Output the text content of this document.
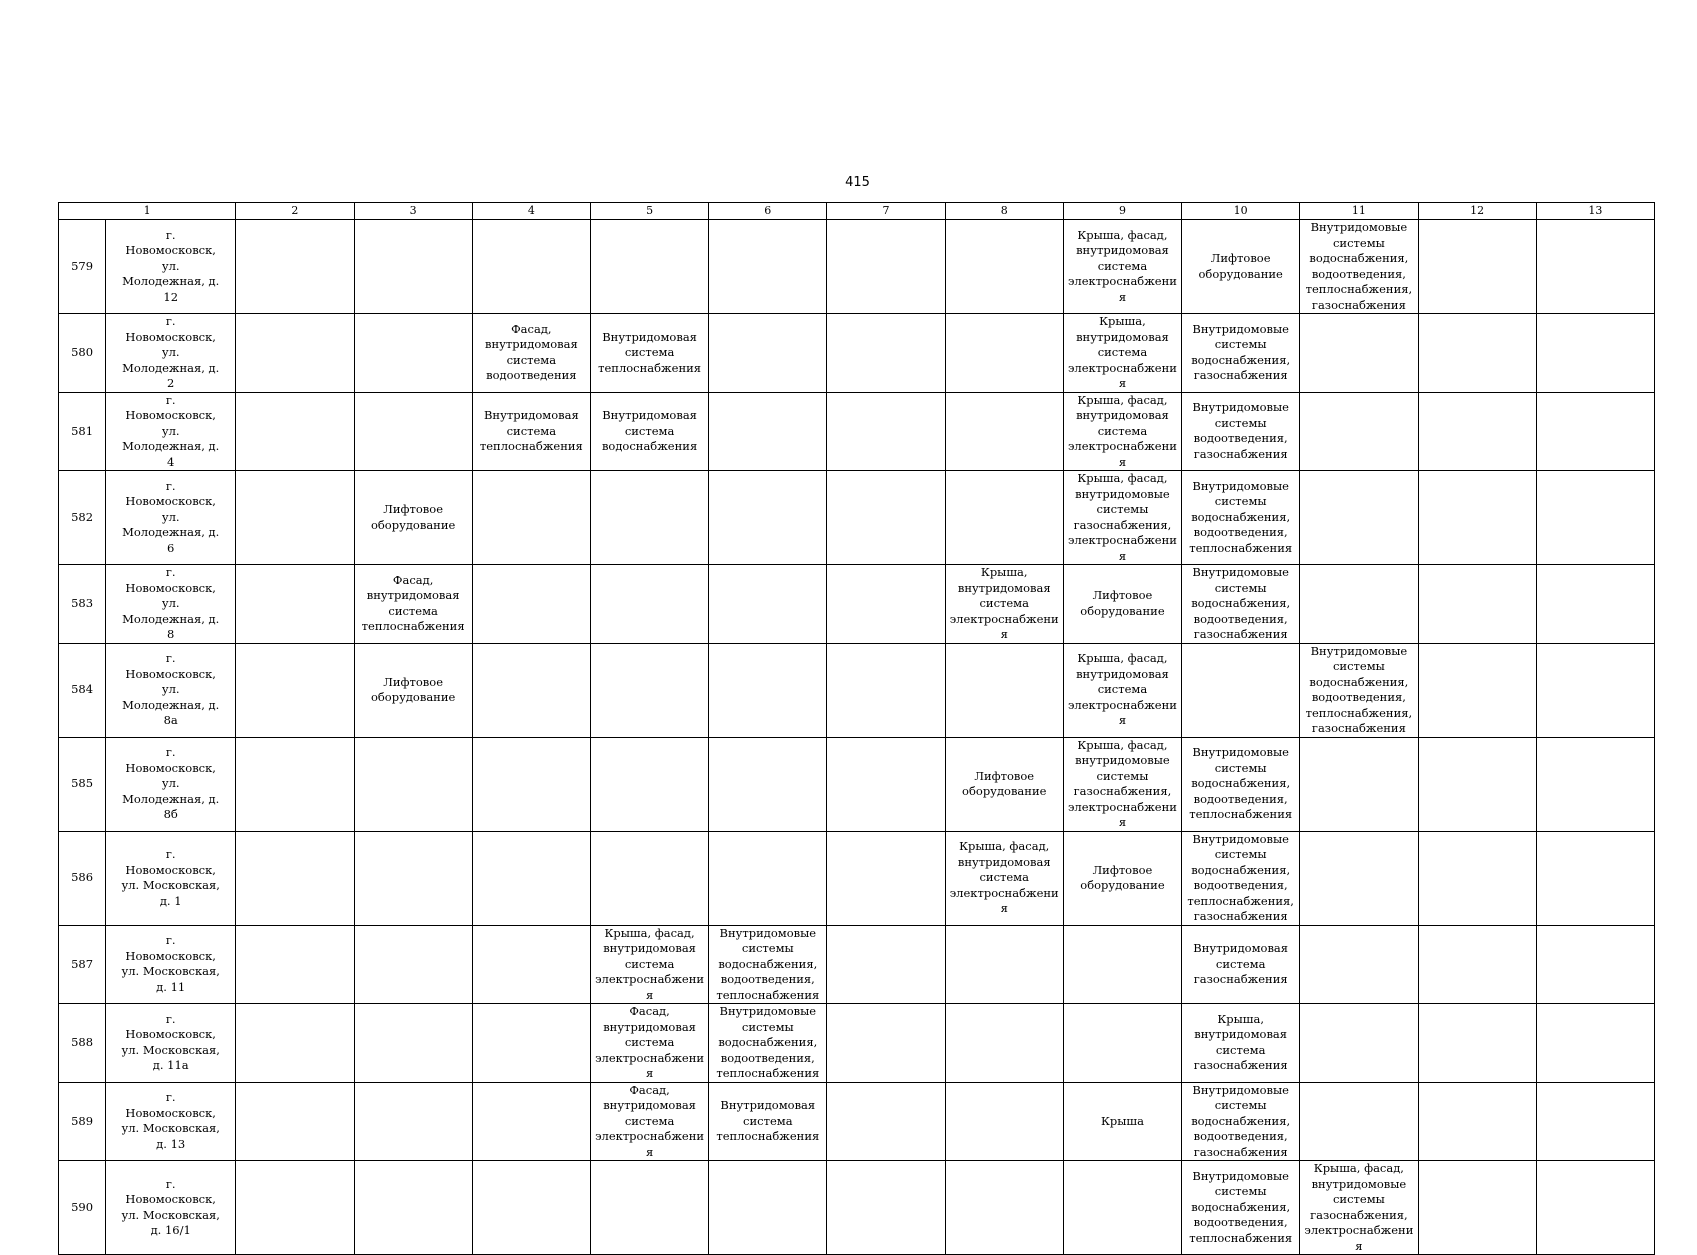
415
1		2	3	4	5	6	7	8	9	10	11	12	13
579	г. Новомосковск, ул. Молодежная, д. 12								Крыша, фасад, внутридомовая система электроснабжения	Лифтовое оборудование	Внутридомовые системы водоснабжения, водоотведения, теплоснабжения, газоснабжения		
580	г. Новомосковск, ул. Молодежная, д. 2			Фасад, внутридомовая система водоотведения	Внутридомовая система теплоснабжения				Крыша, внутридомовая система электроснабжения	Внутридомовые системы водоснабжения, газоснабжения			
581	г. Новомосковск, ул. Молодежная, д. 4			Внутридомовая система теплоснабжения	Внутридомовая система водоснабжения				Крыша, фасад, внутридомовая система электроснабжения	Внутридомовые системы водоотведения, газоснабжения			
582	г. Новомосковск, ул. Молодежная, д. 6		Лифтовое оборудование						Крыша, фасад, внутридомовые системы газоснабжения, электроснабжения	Внутридомовые системы водоснабжения, водоотведения, теплоснабжения			
583	г. Новомосковск, ул. Молодежная, д. 8		Фасад, внутридомовая система теплоснабжения					Крыша, внутридомовая система электроснабжения	Лифтовое оборудование	Внутридомовые системы водоснабжения, водоотведения, газоснабжения			
584	г. Новомосковск, ул. Молодежная, д. 8а		Лифтовое оборудование						Крыша, фасад, внутридомовая система электроснабжения		Внутридомовые системы водоснабжения, водоотведения, теплоснабжения, газоснабжения		
585	г. Новомосковск, ул. Молодежная, д. 8б							Лифтовое оборудование	Крыша, фасад, внутридомовые системы газоснабжения, электроснабжения	Внутридомовые системы водоснабжения, водоотведения, теплоснабжения			
586	г. Новомосковск, ул. Московская, д. 1							Крыша, фасад, внутридомовая система электроснабжения	Лифтовое оборудование	Внутридомовые системы водоснабжения, водоотведения, теплоснабжения, газоснабжения			
587	г. Новомосковск, ул. Московская, д. 11				Крыша, фасад, внутридомовая система электроснабжения	Внутридомовые системы водоснабжения, водоотведения, теплоснабжения				Внутридомовая система газоснабжения			
588	г. Новомосковск, ул. Московская, д. 11а				Фасад, внутридомовая система электроснабжения	Внутридомовые системы водоснабжения, водоотведения, теплоснабжения				Крыша, внутридомовая система газоснабжения			
589	г. Новомосковск, ул. Московская, д. 13				Фасад, внутридомовая система электроснабжения	Внутридомовая система теплоснабжения			Крыша	Внутридомовые системы водоснабжения, водоотведения, газоснабжения			
590	г. Новомосковск, ул. Московская, д. 16/1									Внутридомовые системы водоснабжения, водоотведения, теплоснабжения	Крыша, фасад, внутридомовые системы газоснабжения, электроснабжения		
